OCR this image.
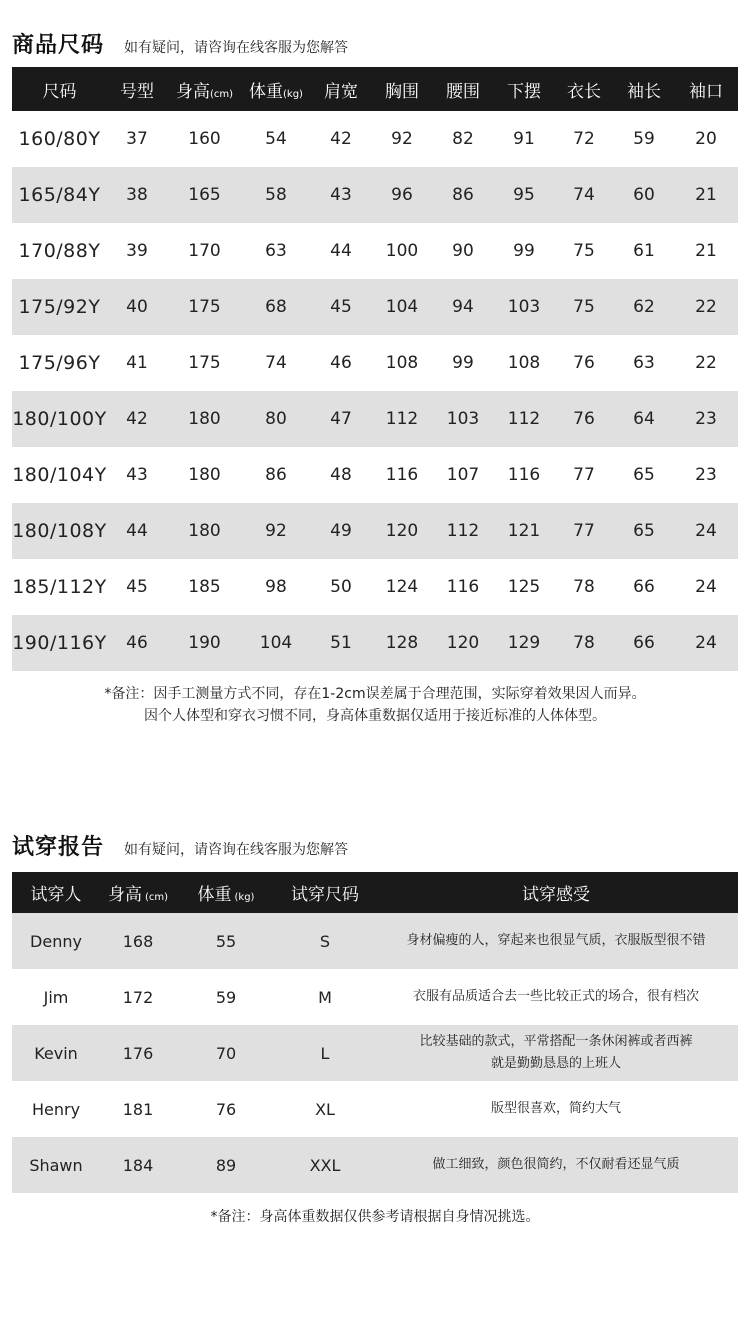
商品尺码 如有疑问，请咨询在线客服为您解答
尺码	号型	身高(cm)	体重(kg)	肩宽	胸围	腰围	下摆	衣长	袖长	袖口
160/80Y	37	160	54	42	92	82	91	72	59	20
165/84Y	38	165	58	43	96	86	95	74	60	21
170/88Y	39	170	63	44	100	90	99	75	61	21
175/92Y	40	175	68	45	104	94	103	75	62	22
175/96Y	41	175	74	46	108	99	108	76	63	22
180/100Y	42	180	80	47	112	103	112	76	64	23
180/104Y	43	180	86	48	116	107	116	77	65	23
180/108Y	44	180	92	49	120	112	121	77	65	24
185/112Y	45	185	98	50	124	116	125	78	66	24
190/116Y	46	190	104	51	128	120	129	78	66	24
*备注：因手工测量方式不同，存在1-2cm误差属于合理范围，实际穿着效果因人而异。
因个人体型和穿衣习惯不同，身高体重数据仅适用于接近标准的人体体型。
试穿报告 如有疑问，请咨询在线客服为您解答
试穿人	身高 (cm)	体重 (kg)	试穿尺码	试穿感受
Denny	168	55	S	身材偏瘦的人，穿起来也很显气质，衣服版型很不错

Jim	172	59	M	衣服有品质适合去一些比较正式的场合，很有档次

Kevin	176	70	L	比较基础的款式，平常搭配一条休闲裤或者西裤
就是勤勤恳恳的上班人

Henry	181	76	XL	版型很喜欢，简约大气

Shawn	184	89	XXL	做工细致，颜色很简约，不仅耐看还显气质
*备注：身高体重数据仅供参考请根据自身情况挑选。
